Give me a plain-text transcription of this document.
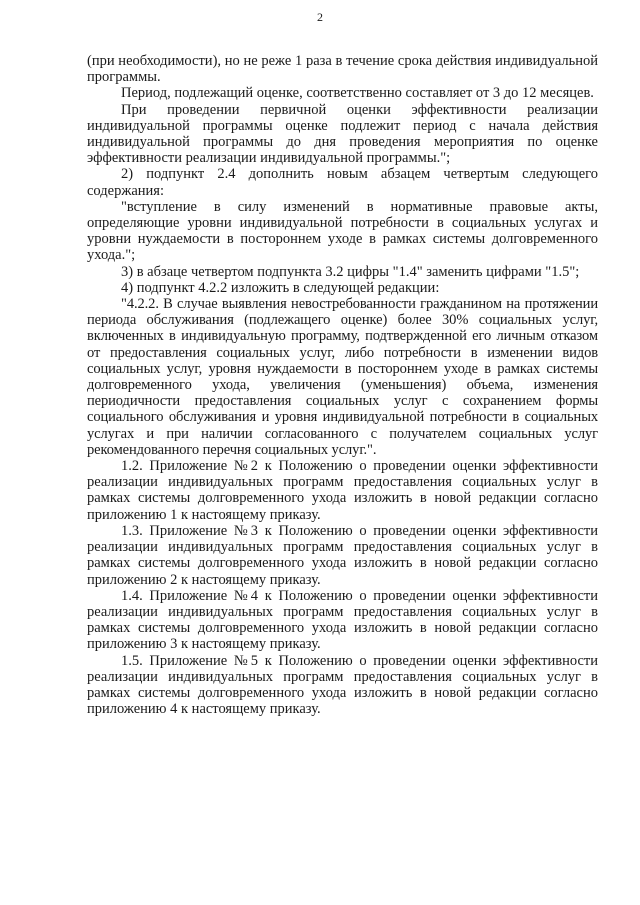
2

(при необходимости), но не реже 1 раза в течение срока действия индивидуальной программы.

Период, подлежащий оценке, соответственно составляет от 3 до 12 месяцев.

При проведении первичной оценки эффективности реализации индивидуальной программы оценке подлежит период с начала действия индивидуальной программы до дня проведения мероприятия по оценке эффективности реализации индивидуальной программы.";

2) подпункт 2.4 дополнить новым абзацем четвертым следующего содержания:

"вступление в силу изменений в нормативные правовые акты, определяющие уровни индивидуальной потребности в социальных услугах и уровни нуждаемости в постороннем уходе в рамках системы долговременного ухода.";

3) в абзаце четвертом подпункта 3.2 цифры "1.4" заменить цифрами "1.5";

4) подпункт 4.2.2 изложить в следующей редакции:

"4.2.2. В случае выявления невостребованности гражданином на протяжении периода обслуживания (подлежащего оценке) более 30% социальных услуг, включенных в индивидуальную программу, подтвержденной его личным отказом от предоставления социальных услуг, либо потребности в изменении видов социальных услуг, уровня нуждаемости в постороннем уходе в рамках системы долговременного ухода, увеличения (уменьшения) объема, изменения периодичности предоставления социальных услуг с сохранением формы социального обслуживания и уровня индивидуальной потребности в социальных услугах и при наличии согласованного с получателем социальных услуг рекомендованного перечня социальных услуг.".

1.2. Приложение №2 к Положению о проведении оценки эффективности реализации индивидуальных программ предоставления социальных услуг в рамках системы долговременного ухода изложить в новой редакции согласно приложению 1 к настоящему приказу.

1.3. Приложение №3 к Положению о проведении оценки эффективности реализации индивидуальных программ предоставления социальных услуг в рамках системы долговременного ухода изложить в новой редакции согласно приложению 2 к настоящему приказу.

1.4. Приложение №4 к Положению о проведении оценки эффективности реализации индивидуальных программ предоставления социальных услуг в рамках системы долговременного ухода изложить в новой редакции согласно приложению 3 к настоящему приказу.

1.5. Приложение №5 к Положению о проведении оценки эффективности реализации индивидуальных программ предоставления социальных услуг в рамках системы долговременного ухода изложить в новой редакции согласно приложению 4 к настоящему приказу.
